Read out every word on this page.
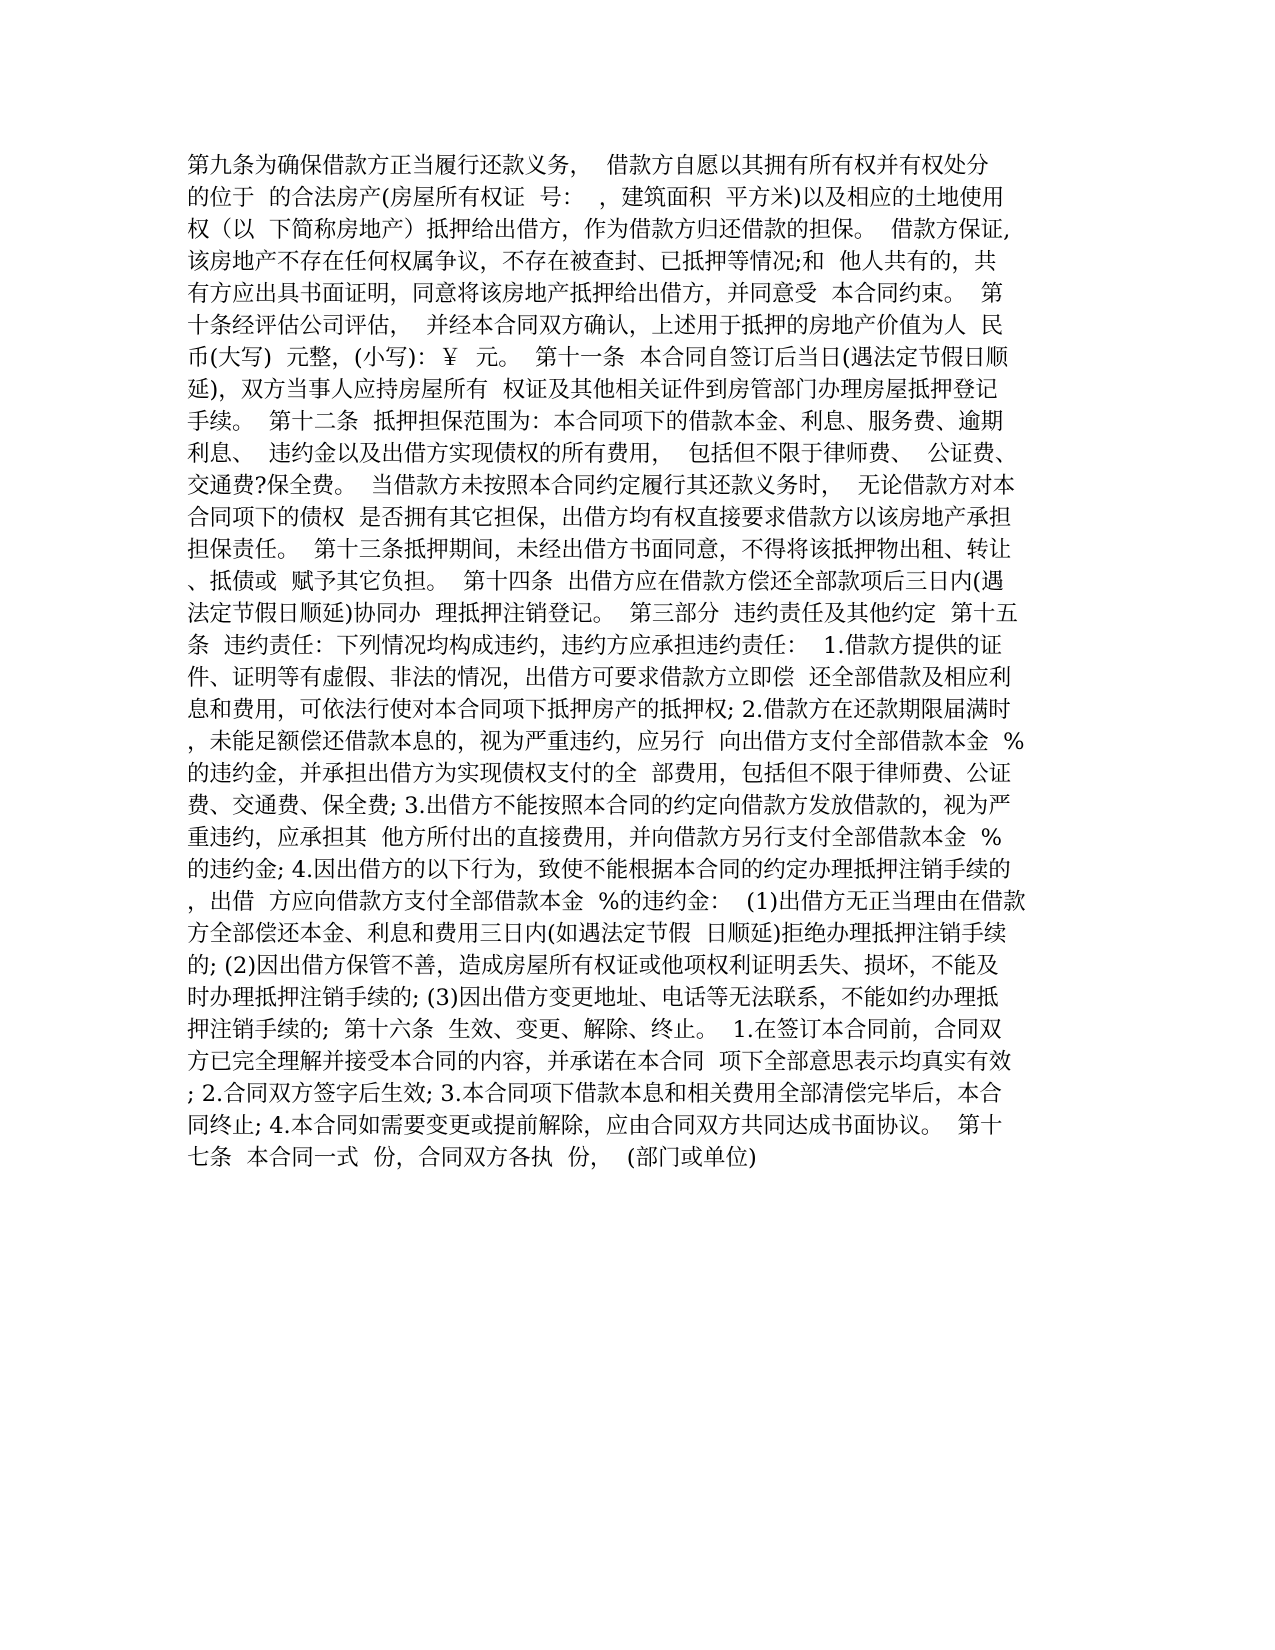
第九条为确保借款方正当履行还款义务，  借款方自愿以其拥有所有权并有权处分
的位于  的合法房产(房屋所有权证  号：  ，建筑面积  平方米)以及相应的土地使用
权（以  下简称房地产）抵押给出借方，作为借款方归还借款的担保。  借款方保证,
该房地产不存在任何权属争议，不存在被查封、已抵押等情况;和  他人共有的，共
有方应出具书面证明，同意将该房地产抵押给出借方，并同意受  本合同约束。  第
十条经评估公司评估，  并经本合同双方确认，上述用于抵押的房地产价值为人  民
币(大写)  元整，(小写)：￥  元。  第十一条  本合同自签订后当日(遇法定节假日顺
延)，双方当事人应持房屋所有  权证及其他相关证件到房管部门办理房屋抵押登记
手续。  第十二条  抵押担保范围为：本合同项下的借款本金、利息、服务费、逾期
利息、  违约金以及出借方实现债权的所有费用，  包括但不限于律师费、  公证费、
交通费?保全费。  当借款方未按照本合同约定履行其还款义务时，  无论借款方对本
合同项下的债权  是否拥有其它担保，出借方均有权直接要求借款方以该房地产承担
担保责任。  第十三条抵押期间，未经出借方书面同意，不得将该抵押物出租、转让
、抵债或  赋予其它负担。  第十四条  出借方应在借款方偿还全部款项后三日内(遇
法定节假日顺延)协同办  理抵押注销登记。  第三部分  违约责任及其他约定  第十五
条  违约责任：下列情况均构成违约，违约方应承担违约责任：  1.借款方提供的证
件、证明等有虚假、非法的情况，出借方可要求借款方立即偿  还全部借款及相应利
息和费用，可依法行使对本合同项下抵押房产的抵押权; 2.借款方在还款期限届满时
，未能足额偿还借款本息的，视为严重违约，应另行  向出借方支付全部借款本金  %
的违约金，并承担出借方为实现债权支付的全  部费用，包括但不限于律师费、公证
费、交通费、保全费; 3.出借方不能按照本合同的约定向借款方发放借款的，视为严
重违约，应承担其  他方所付出的直接费用，并向借款方另行支付全部借款本金  %
的违约金; 4.因出借方的以下行为，致使不能根据本合同的约定办理抵押注销手续的
，出借  方应向借款方支付全部借款本金  %的违约金：  (1)出借方无正当理由在借款
方全部偿还本金、利息和费用三日内(如遇法定节假  日顺延)拒绝办理抵押注销手续
的; (2)因出借方保管不善，造成房屋所有权证或他项权利证明丢失、损坏，不能及
时办理抵押注销手续的; (3)因出借方变更地址、电话等无法联系，不能如约办理抵
押注销手续的;  第十六条  生效、变更、解除、终止。  1.在签订本合同前，合同双
方已完全理解并接受本合同的内容，并承诺在本合同  项下全部意思表示均真实有效
; 2.合同双方签字后生效; 3.本合同项下借款本息和相关费用全部清偿完毕后，本合
同终止; 4.本合同如需要变更或提前解除，应由合同双方共同达成书面协议。  第十
七条  本合同一式  份，合同双方各执  份，  (部门或单位)
